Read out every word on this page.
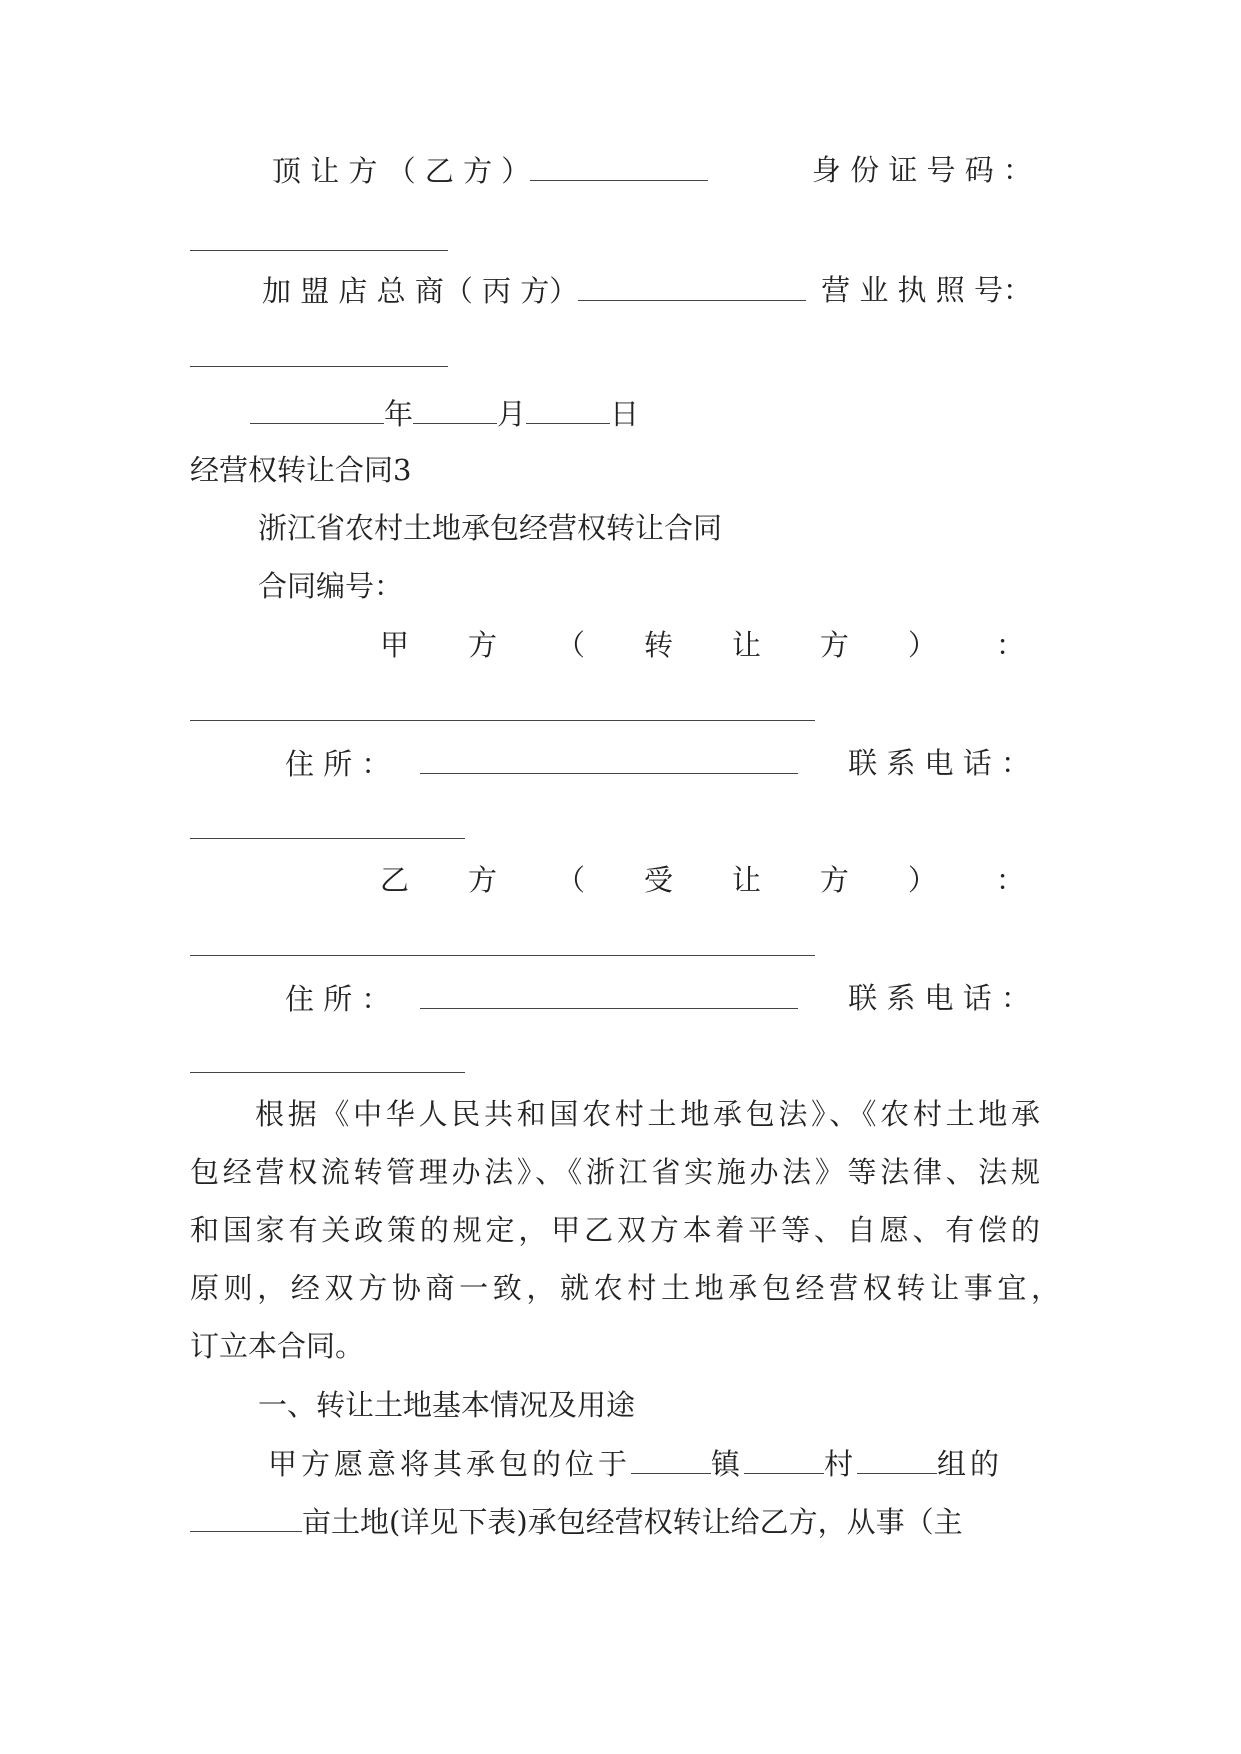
顶 让 方 （ 乙 方 ）	身 份 证 号 码 ：
加 盟 店 总 商（ 丙 方）	营 业 执 照 号：
年	月	日
经营权转让合同3
浙江省农村土地承包经营权转让合同
合同编号：
甲 方 （ 转 让 方 ） ：
住 所 ：	联 系 电 话 ：
乙 方 （ 受 让 方 ） ：
住 所 ：	联 系 电 话 ：
根据《中华人民共和国农村土地承包法》、《农村土地承
包经营权流转管理办法》、《浙江省实施办法》等法律、法规
和国家有关政策的规定，甲乙双方本着平等、自愿、有偿的
原则，经双方协商一致，就农村土地承包经营权转让事宜，
订立本合同。
一、转让土地基本情况及用途
甲方愿意将其承包的位于	镇	村	组的
亩土地(详见下表)承包经营权转让给乙方，从事（主
